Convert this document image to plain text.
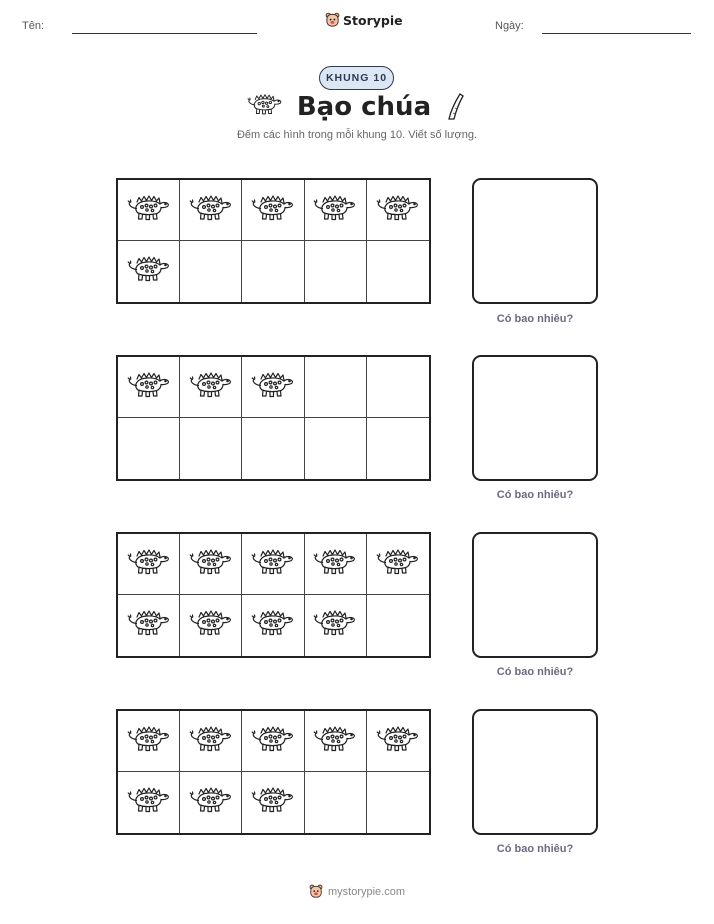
Tên:	Storypie	Ngày:
KHUNG 10
Bạo chúa

Đếm các hình trong mỗi khung 10. Viết số lượng.

Có bao nhiêu?
Có bao nhiêu?
Có bao nhiêu?
Có bao nhiêu?
mystorypie.com
